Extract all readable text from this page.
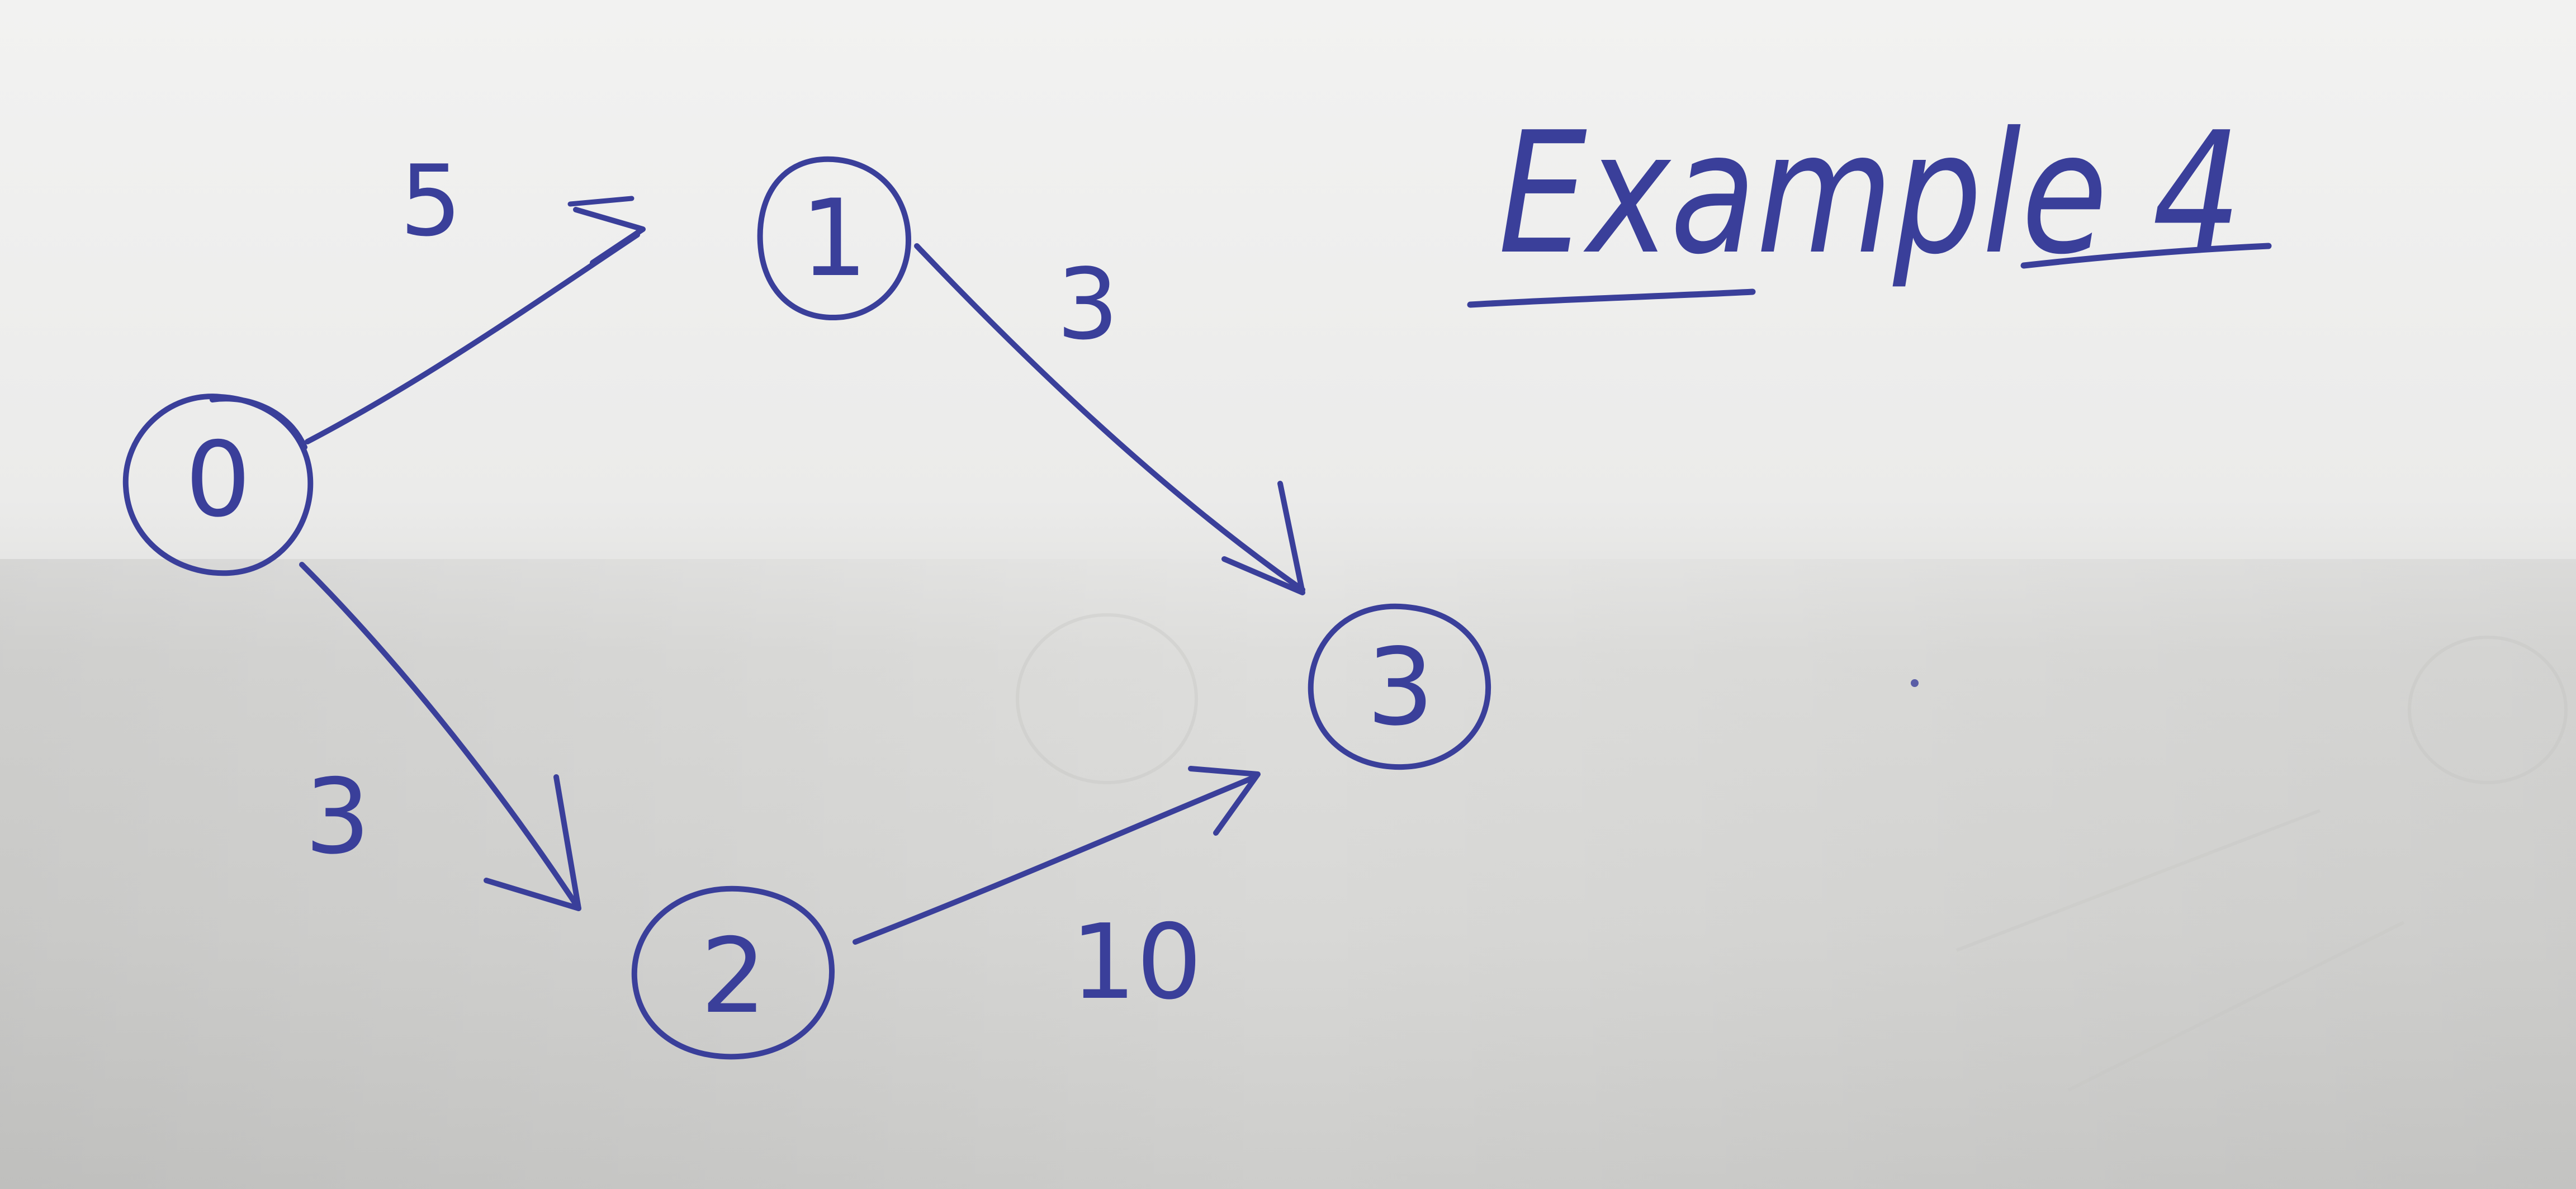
Example 4
5
3
3
10
0
1
2
3
